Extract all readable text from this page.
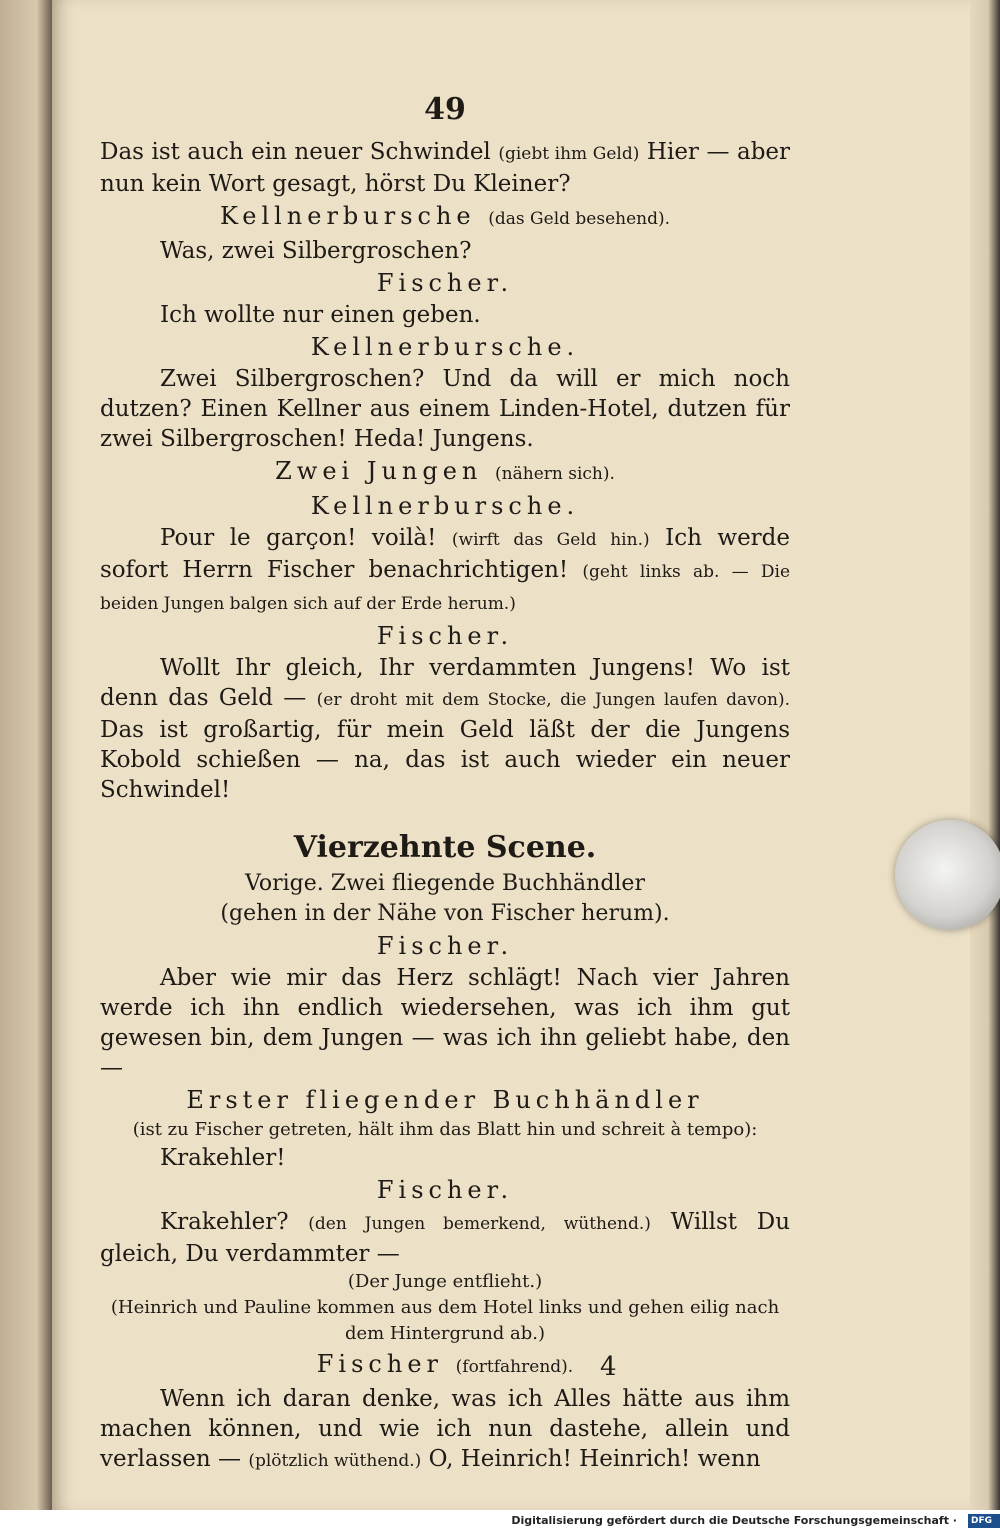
49

Das ist auch ein neuer Schwindel (giebt ihm Geld) Hier — aber nun kein Wort gesagt, hörst Du Kleiner?

Kellnerbursche (das Geld besehend).

Was, zwei Silbergroschen?

Fischer.

Ich wollte nur einen geben.

Kellnerbursche.

Zwei Silbergroschen? Und da will er mich noch dutzen? Einen Kellner aus einem Linden-Hotel, dutzen für zwei Silbergroschen! Heda! Jungens.

Zwei Jungen (nähern sich).
Kellnerbursche.

Pour le garçon! voilà! (wirft das Geld hin.) Ich werde sofort Herrn Fischer benachrichtigen! (geht links ab. — Die beiden Jungen balgen sich auf der Erde herum.)

Fischer.

Wollt Ihr gleich, Ihr verdammten Jungens! Wo ist denn das Geld — (er droht mit dem Stocke, die Jungen laufen davon). Das ist großartig, für mein Geld läßt der die Jungens Kobold schießen — na, das ist auch wieder ein neuer Schwindel!

Vierzehnte Scene.

Vorige. Zwei fliegende Buchhändler

(gehen in der Nähe von Fischer herum).

Fischer.

Aber wie mir das Herz schlägt! Nach vier Jahren werde ich ihn endlich wiedersehen, was ich ihm gut gewesen bin, dem Jungen — was ich ihn geliebt habe, den —

Erster fliegender Buchhändler

(ist zu Fischer getreten, hält ihm das Blatt hin und schreit à tempo):

Krakehler!

Fischer.

Krakehler? (den Jungen bemerkend, wüthend.) Willst Du gleich, Du verdammter —

(Der Junge entflieht.)

(Heinrich und Pauline kommen aus dem Hotel links und gehen eilig nach dem Hintergrund ab.)

Fischer (fortfahrend).

Wenn ich daran denke, was ich Alles hätte aus ihm machen können, und wie ich nun dastehe, allein und verlassen — (plötzlich wüthend.) O, Heinrich! Heinrich! wenn

4
Digitalisierung gefördert durch die Deutsche Forschungsgemeinschaft · DFG
